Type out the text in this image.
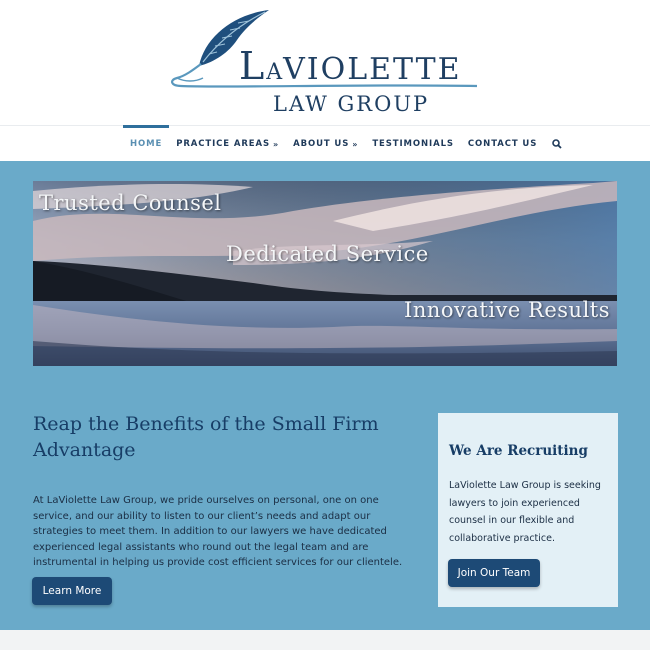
LAVIOLETTE
LAW GROUP
HOME PRACTICE AREAS » ABOUT US » TESTIMONIALS CONTACT US
Trusted Counsel
Dedicated Service
Innovative Results
Reap the Benefits of the Small Firm Advantage
At LaViolette Law Group, we pride ourselves on personal, one on one service, and our ability to listen to our client’s needs and adapt our strategies to meet them. In addition to our lawyers we have dedicated experienced legal assistants who round out the legal team and are instrumental in helping us provide cost efficient services for our clientele.
Learn More
We Are Recruiting
LaViolette Law Group is seeking lawyers to join experienced counsel in our flexible and collaborative practice.
Join Our Team
